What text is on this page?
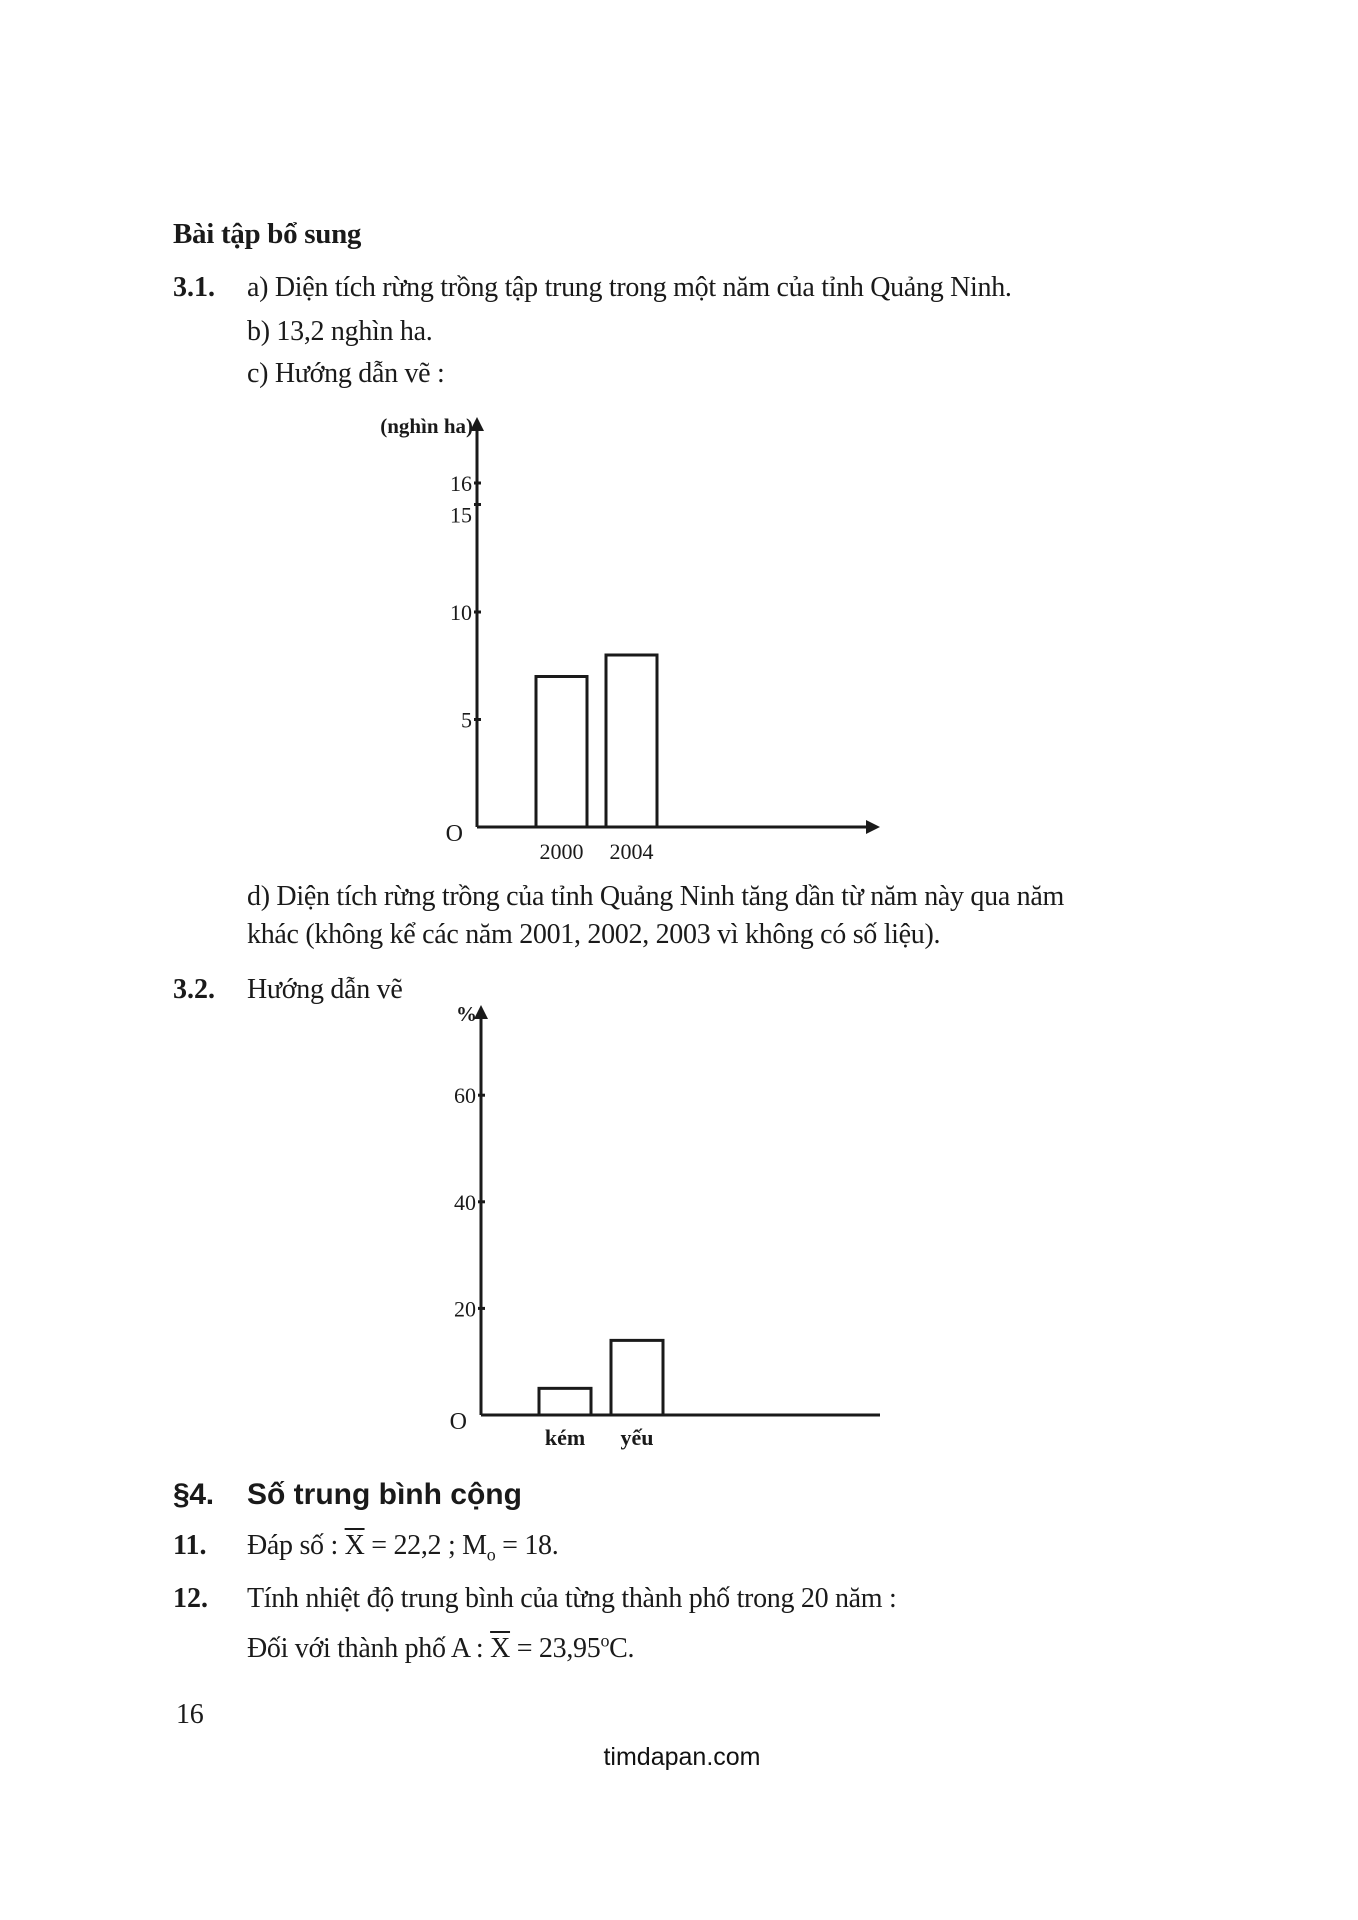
Bài tập bổ sung
3.1. a) Diện tích rừng trồng tập trung trong một năm của tỉnh Quảng Ninh.
b) 13,2 nghìn ha.
c) Hướng dẫn vẽ :
O
(nghìn ha)
5
10
15
16
2000 2004
O
%
20
40
60
kém yếu
d) Diện tích rừng trồng của tỉnh Quảng Ninh tăng dần từ năm này qua năm
khác (không kể các năm 2001, 2002, 2003 vì không có số liệu).
3.2. Hướng dẫn vẽ
§4. Số trung bình cộng
11. Đáp số : $\overline{X} = 22,2$ ; $M_o = 18$.
12. Tính nhiệt độ trung bình của từng thành phố trong 20 năm :
Đối với thành phố A : $\overline{X} = 23,95^oC$.
16
timdapan.com
